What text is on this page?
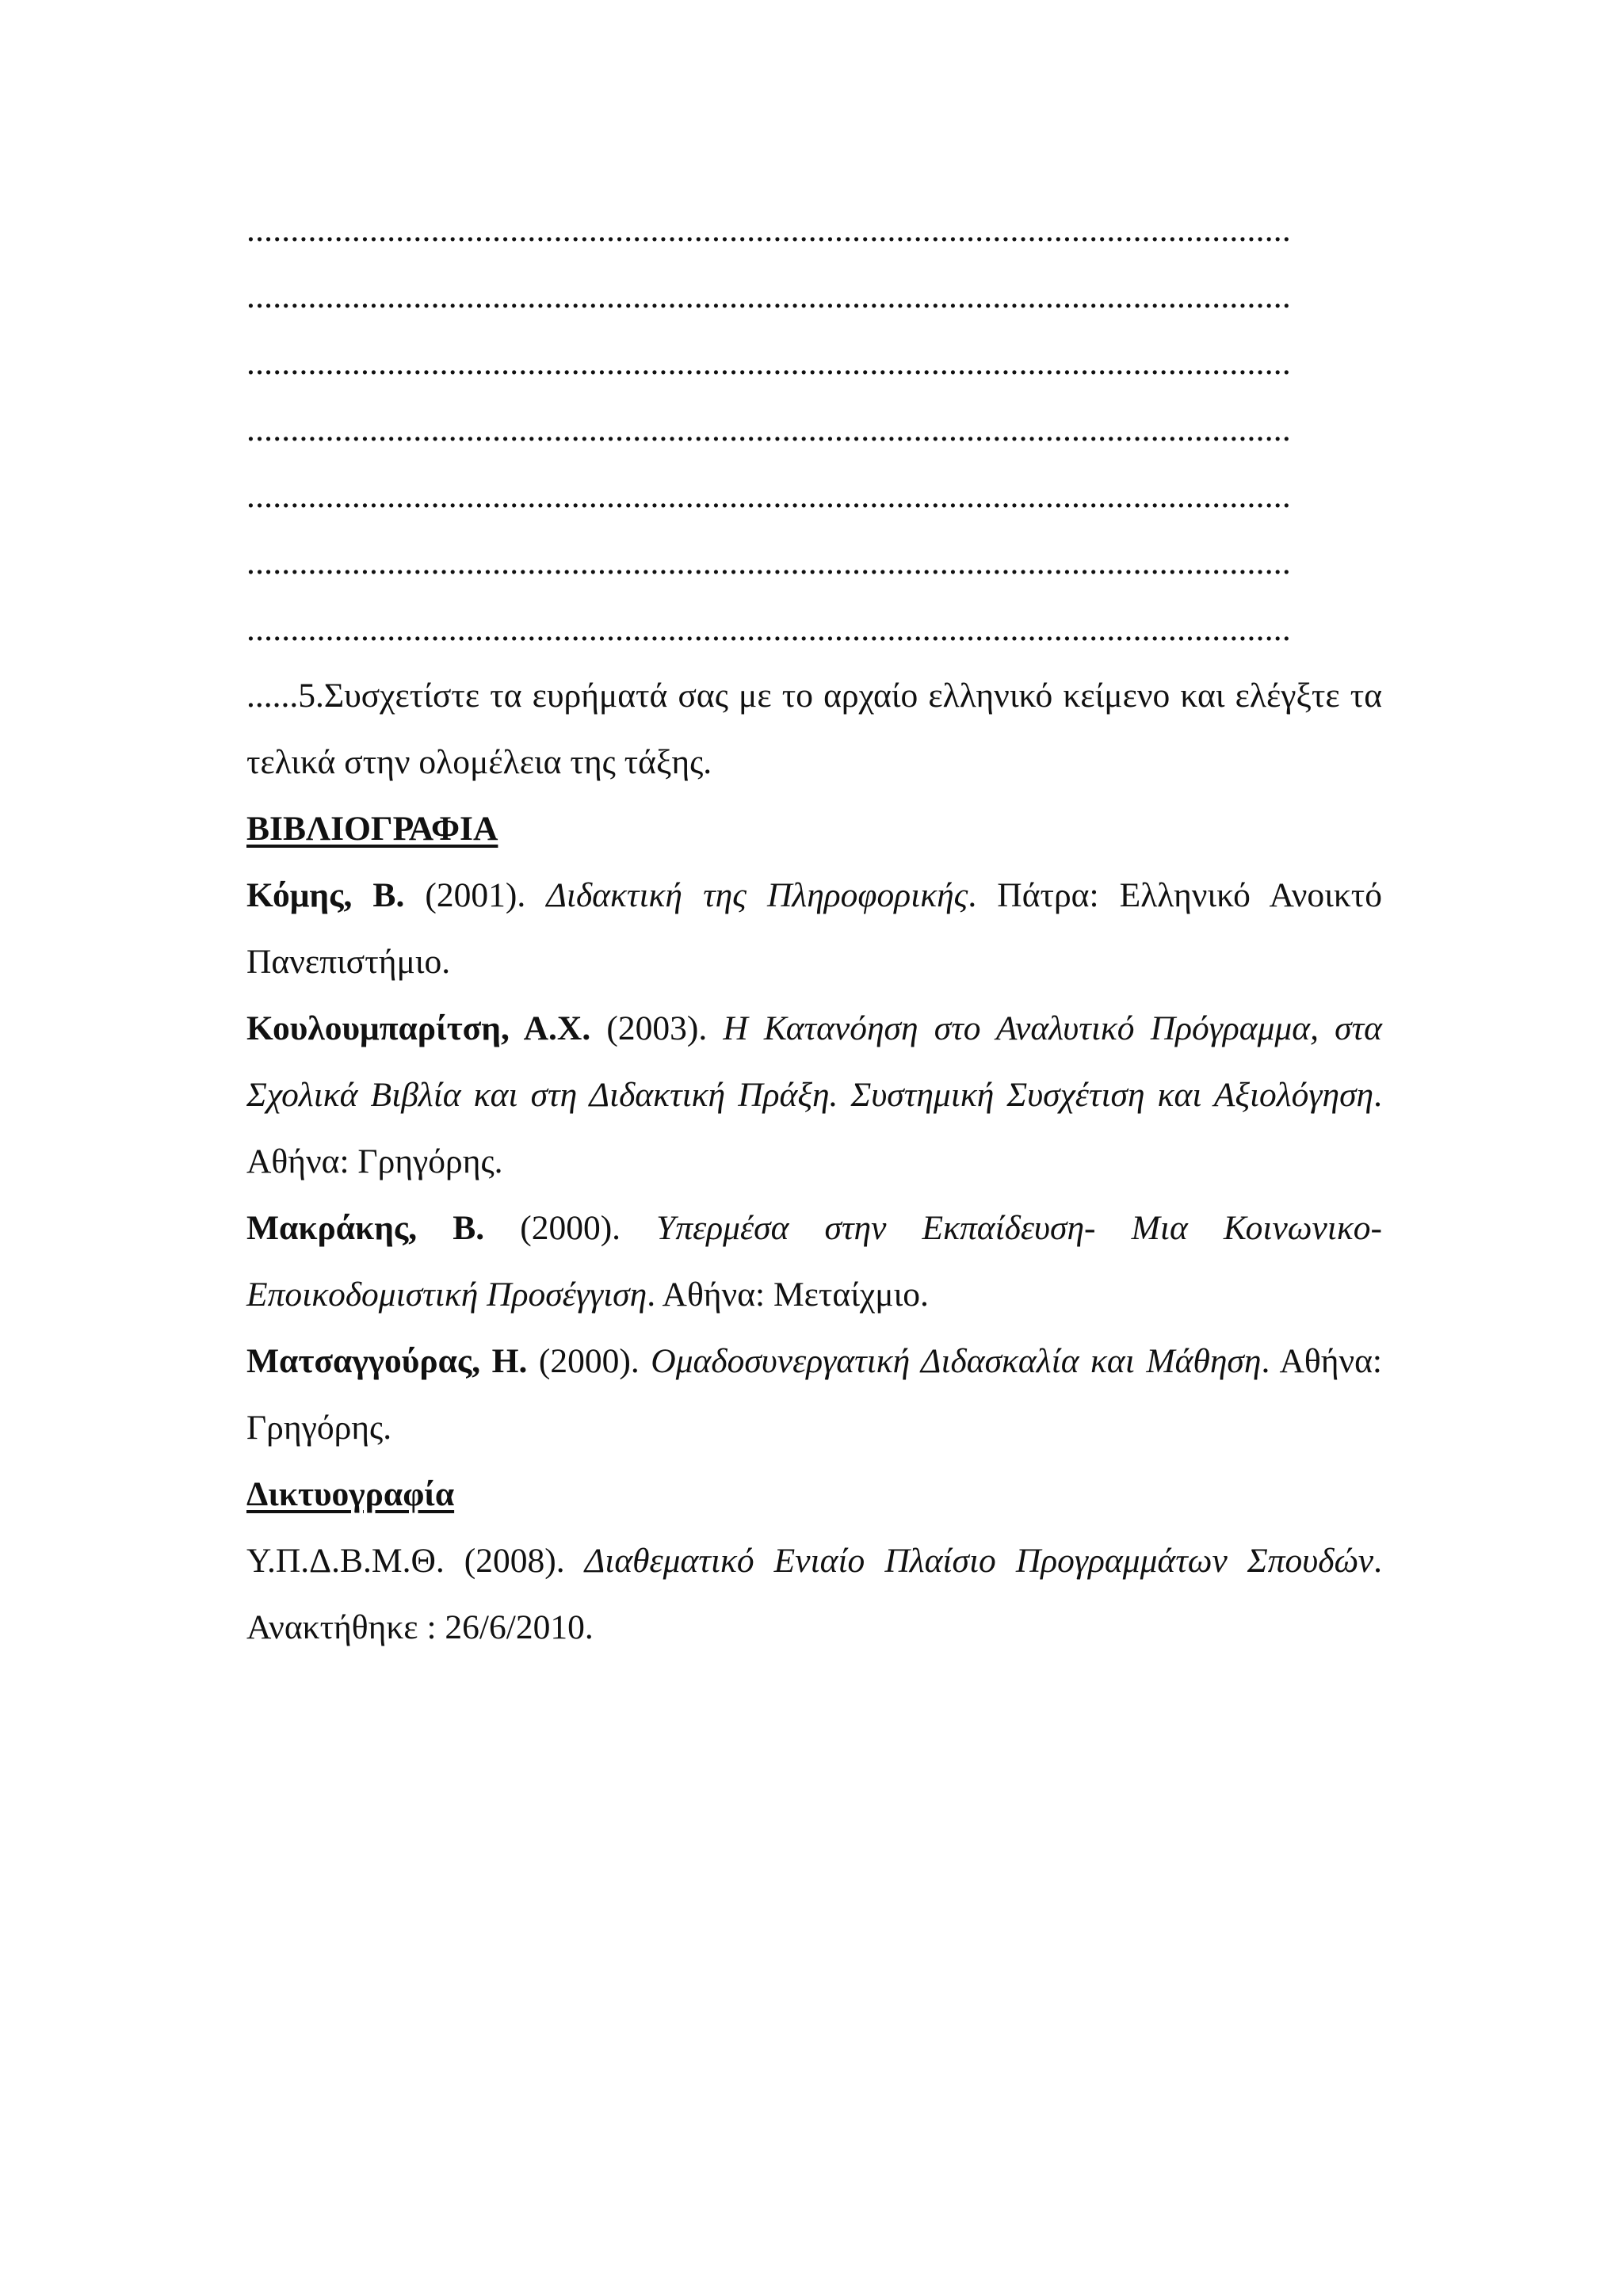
.......................................................................................................................
.......................................................................................................................
.......................................................................................................................
.......................................................................................................................
.......................................................................................................................
.......................................................................................................................
.......................................................................................................................

......5.Συσχετίστε τα ευρήματά σας με το αρχαίο ελληνικό κείμενο και ελέγξτε τα τελικά στην ολομέλεια της τάξης.

ΒΙΒΛΙΟΓΡΑΦΙΑ

Κόμης, Β. (2001). Διδακτική της Πληροφορικής. Πάτρα: Ελληνικό Ανοικτό Πανεπιστήμιο.

Κουλουμπαρίτση, Α.Χ. (2003). Η Κατανόηση στο Αναλυτικό Πρόγραμμα, στα Σχολικά Βιβλία και στη Διδακτική Πράξη. Συστημική Συσχέτιση και Αξιολόγηση. Αθήνα: Γρηγόρης.

Μακράκης, Β. (2000). Υπερμέσα στην Εκπαίδευση- Μια Κοινωνικο-Εποικοδομιστική Προσέγγιση. Αθήνα: Μεταίχμιο.

Ματσαγγούρας, Η. (2000). Ομαδοσυνεργατική Διδασκαλία και Μάθηση. Αθήνα: Γρηγόρης.

Δικτυογραφία

Υ.Π.Δ.Β.Μ.Θ. (2008). Διαθεματικό Ενιαίο Πλαίσιο Προγραμμάτων Σπουδών. Ανακτήθηκε : 26/6/2010.
